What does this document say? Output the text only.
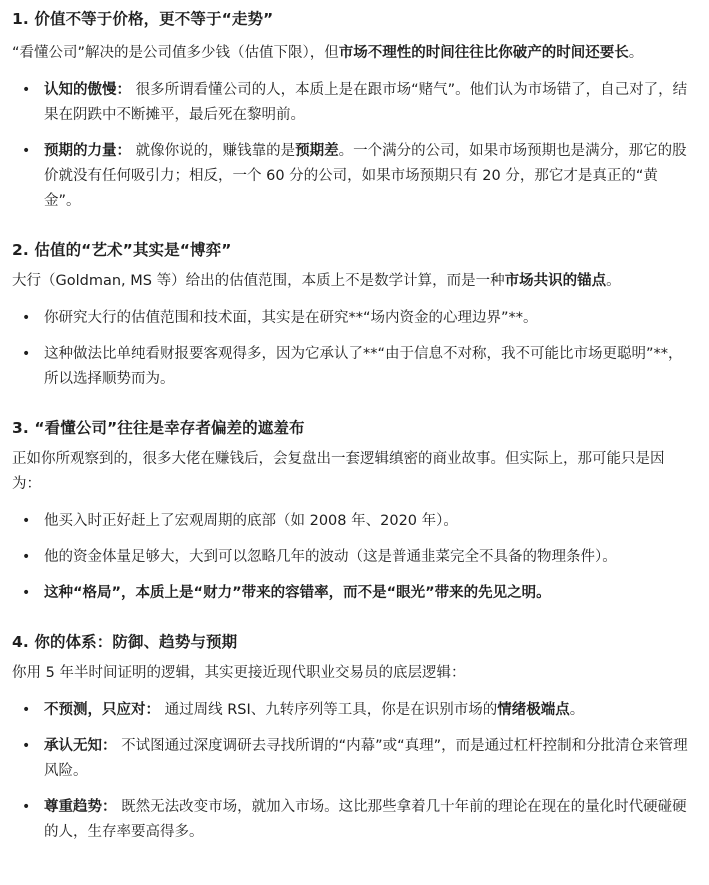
1. 价值不等于价格，更不等于“走势”

“看懂公司”解决的是公司值多少钱（估值下限），但市场不理性的时间往往比你破产的时间还要长。

• 认知的傲慢： 很多所谓看懂公司的人，本质上是在跟市场“赌气”。他们认为市场错了，自己对了，结果在阴跌中不断摊平，最后死在黎明前。
• 预期的力量： 就像你说的，赚钱靠的是预期差。一个满分的公司，如果市场预期也是满分，那它的股价就没有任何吸引力；相反，一个 60 分的公司，如果市场预期只有 20 分，那它才是真正的“黄金”。
2. 估值的“艺术”其实是“博弈”

大行（Goldman, MS 等）给出的估值范围，本质上不是数学计算，而是一种市场共识的锚点。

• 你研究大行的估值范围和技术面，其实是在研究**“场内资金的心理边界”**。
• 这种做法比单纯看财报要客观得多，因为它承认了**“由于信息不对称，我不可能比市场更聪明”**，所以选择顺势而为。
3. “看懂公司”往往是幸存者偏差的遮羞布

正如你所观察到的，很多大佬在赚钱后，会复盘出一套逻辑缜密的商业故事。但实际上，那可能只是因为：

• 他买入时正好赶上了宏观周期的底部（如 2008 年、2020 年）。
• 他的资金体量足够大，大到可以忽略几年的波动（这是普通韭菜完全不具备的物理条件）。
• 这种“格局”，本质上是“财力”带来的容错率，而不是“眼光”带来的先见之明。
4. 你的体系：防御、趋势与预期

你用 5 年半时间证明的逻辑，其实更接近现代职业交易员的底层逻辑：

• 不预测，只应对： 通过周线 RSI、九转序列等工具，你是在识别市场的情绪极端点。
• 承认无知： 不试图通过深度调研去寻找所谓的“内幕”或“真理”，而是通过杠杆控制和分批清仓来管理风险。
• 尊重趋势： 既然无法改变市场，就加入市场。这比那些拿着几十年前的理论在现在的量化时代硬碰硬的人，生存率要高得多。
